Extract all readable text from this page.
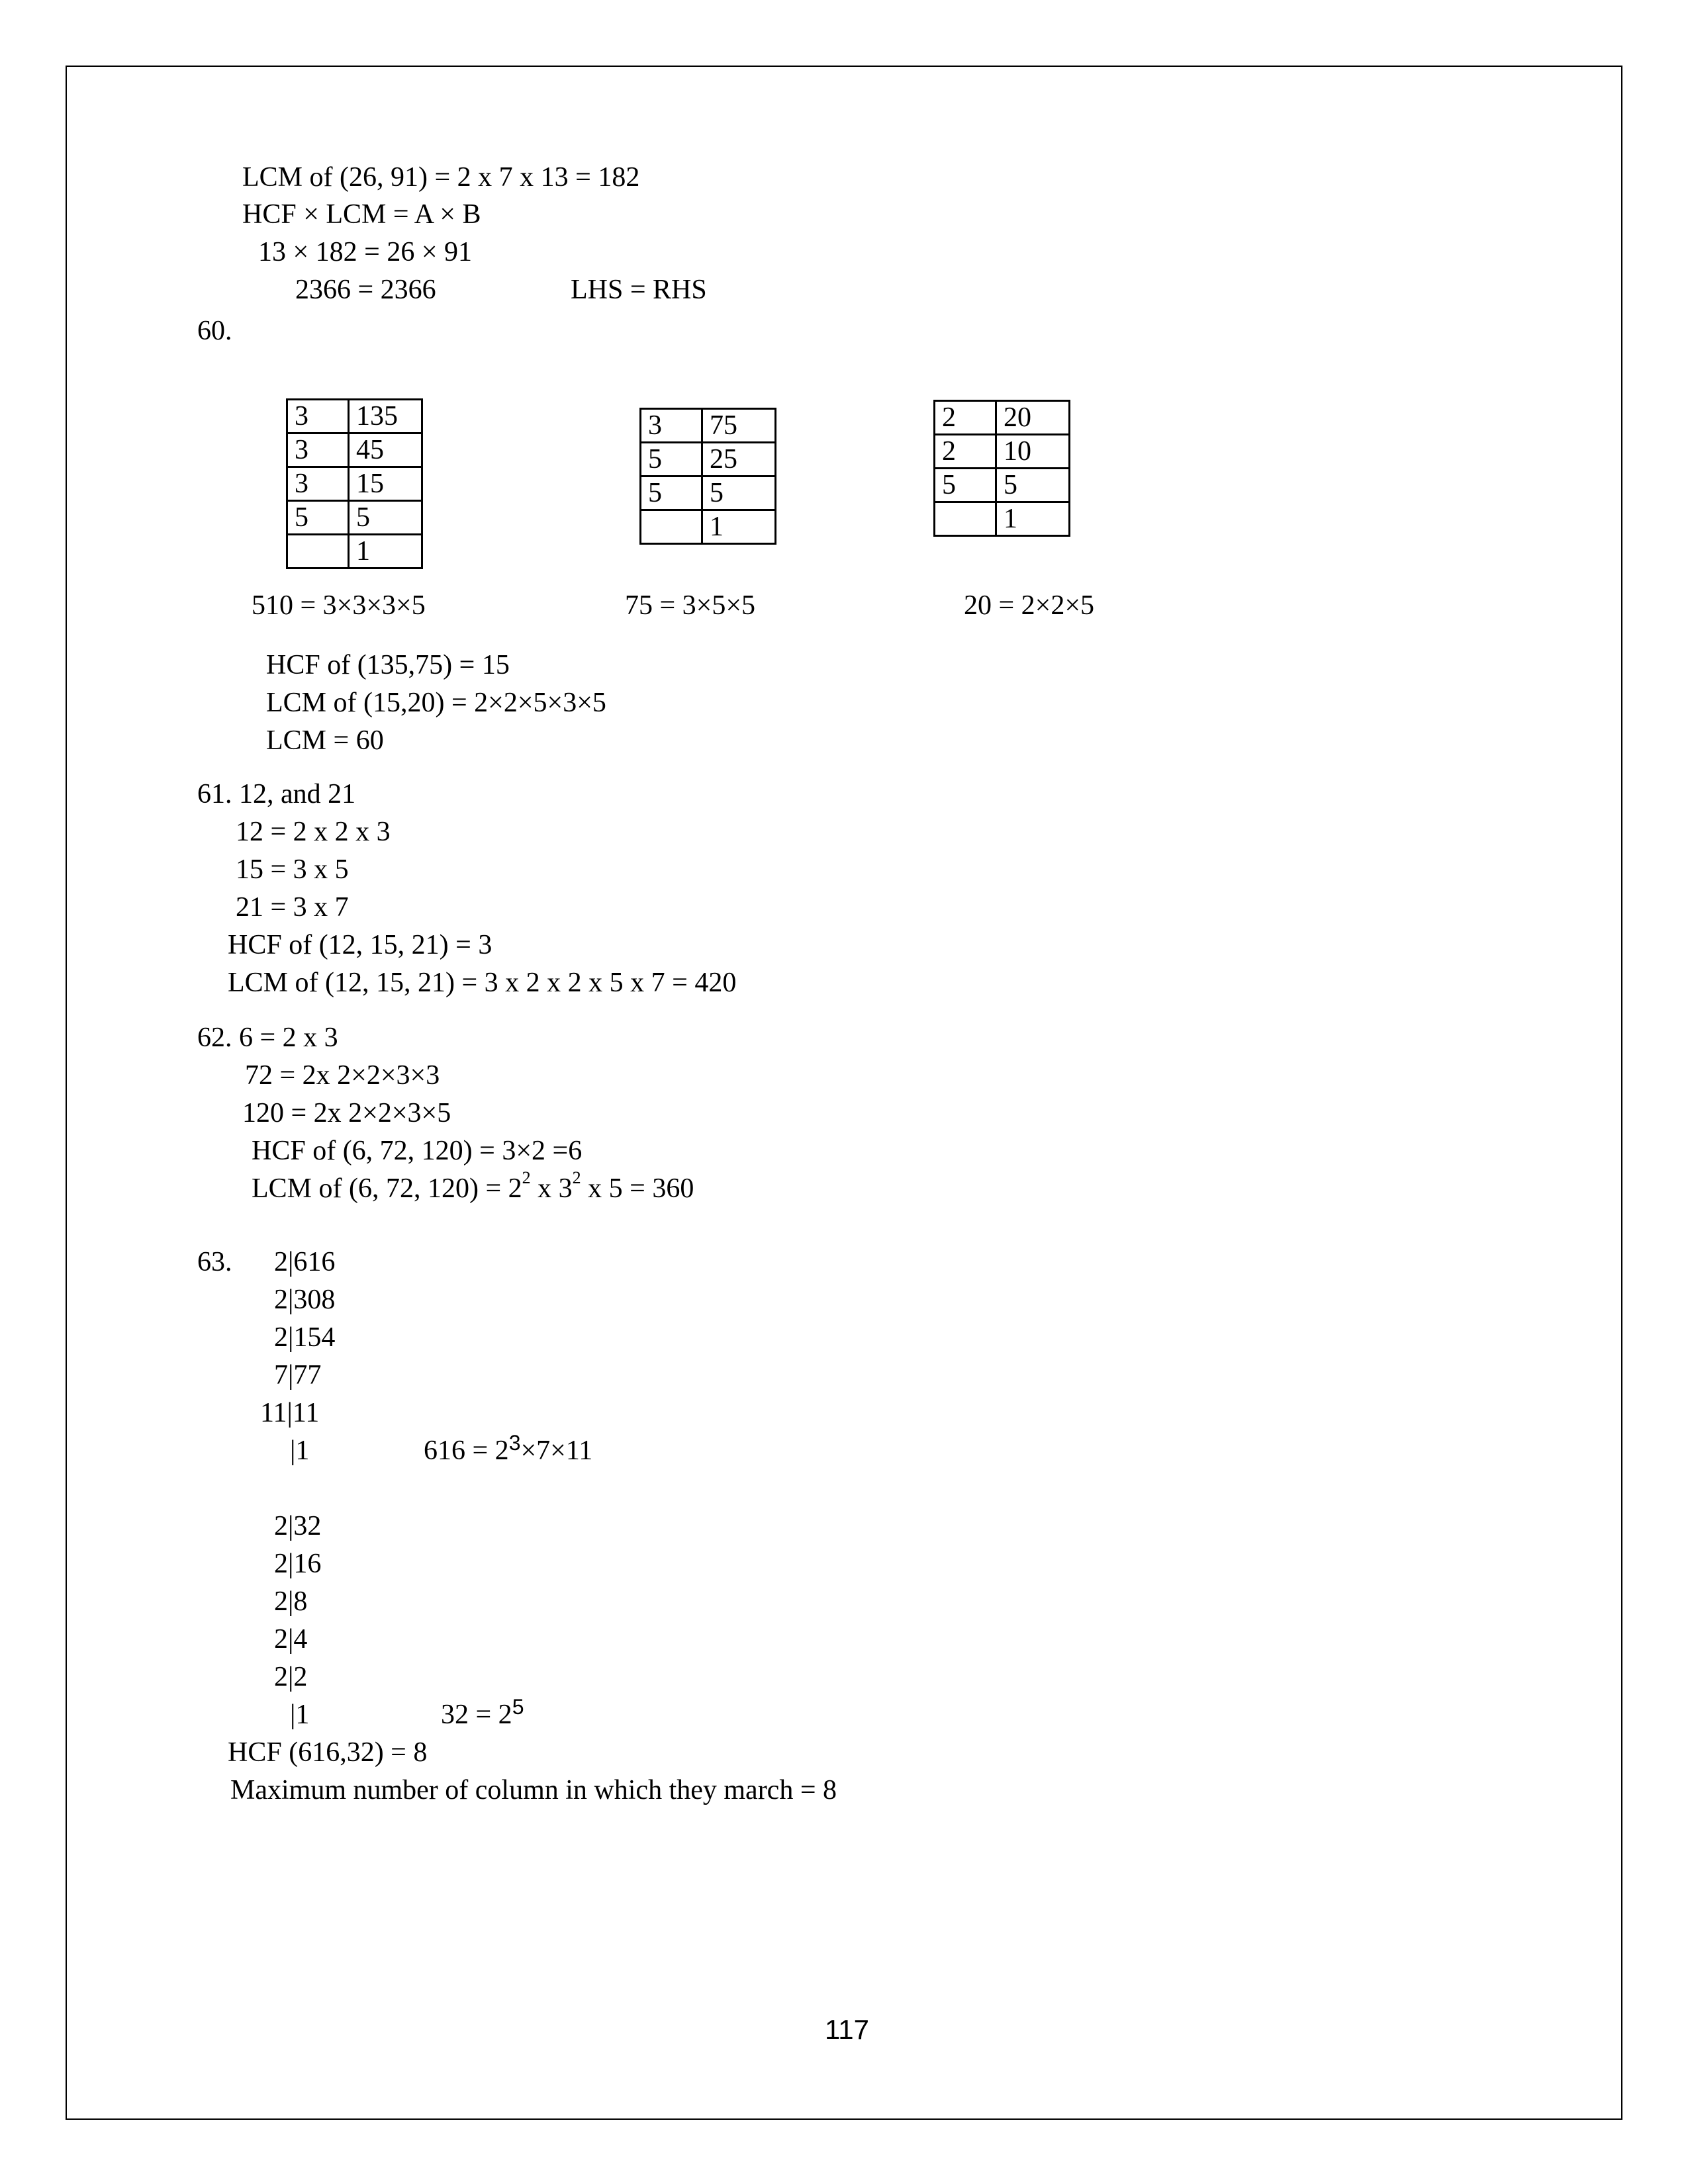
LCM of (26, 91) = 2 x 7 x 13 = 182
HCF × LCM = A × B
13 × 182 = 26 × 91
2366 = 2366	LHS = RHS
60.
3	135
3	45
3	15
5	5
	1
3	75
5	25
5	5
	1
2	20
2	10
5	5
	1
510 = 3×3×3×5	75 = 3×5×5	20 = 2×2×5
HCF of (135,75) = 15
LCM of (15,20) = 2×2×5×3×5
LCM = 60
61. 12, and 21
12 = 2 x 2 x 3
15 = 3 x 5
21 = 3 x 7
HCF of (12, 15, 21) = 3
LCM of (12, 15, 21) = 3 x 2 x 2 x 5 x 7 = 420
62. 6 = 2 x 3
72 = 2x 2×2×3×3
120 = 2x 2×2×3×5
HCF of (6, 72, 120) = 3×2 =6
LCM of (6, 72, $120) = 2^2$ x $3^2$ x 5 = 360
63. 2|616
2|308
2|154
7|77
11|11
|1	$616 = 2^3\times 7\times 11$
2|32
2|16
2|8
2|4
2|2
|1	$32 = 2^5$
HCF (616,32) = 8
Maximum number of column in which they march = 8
117
